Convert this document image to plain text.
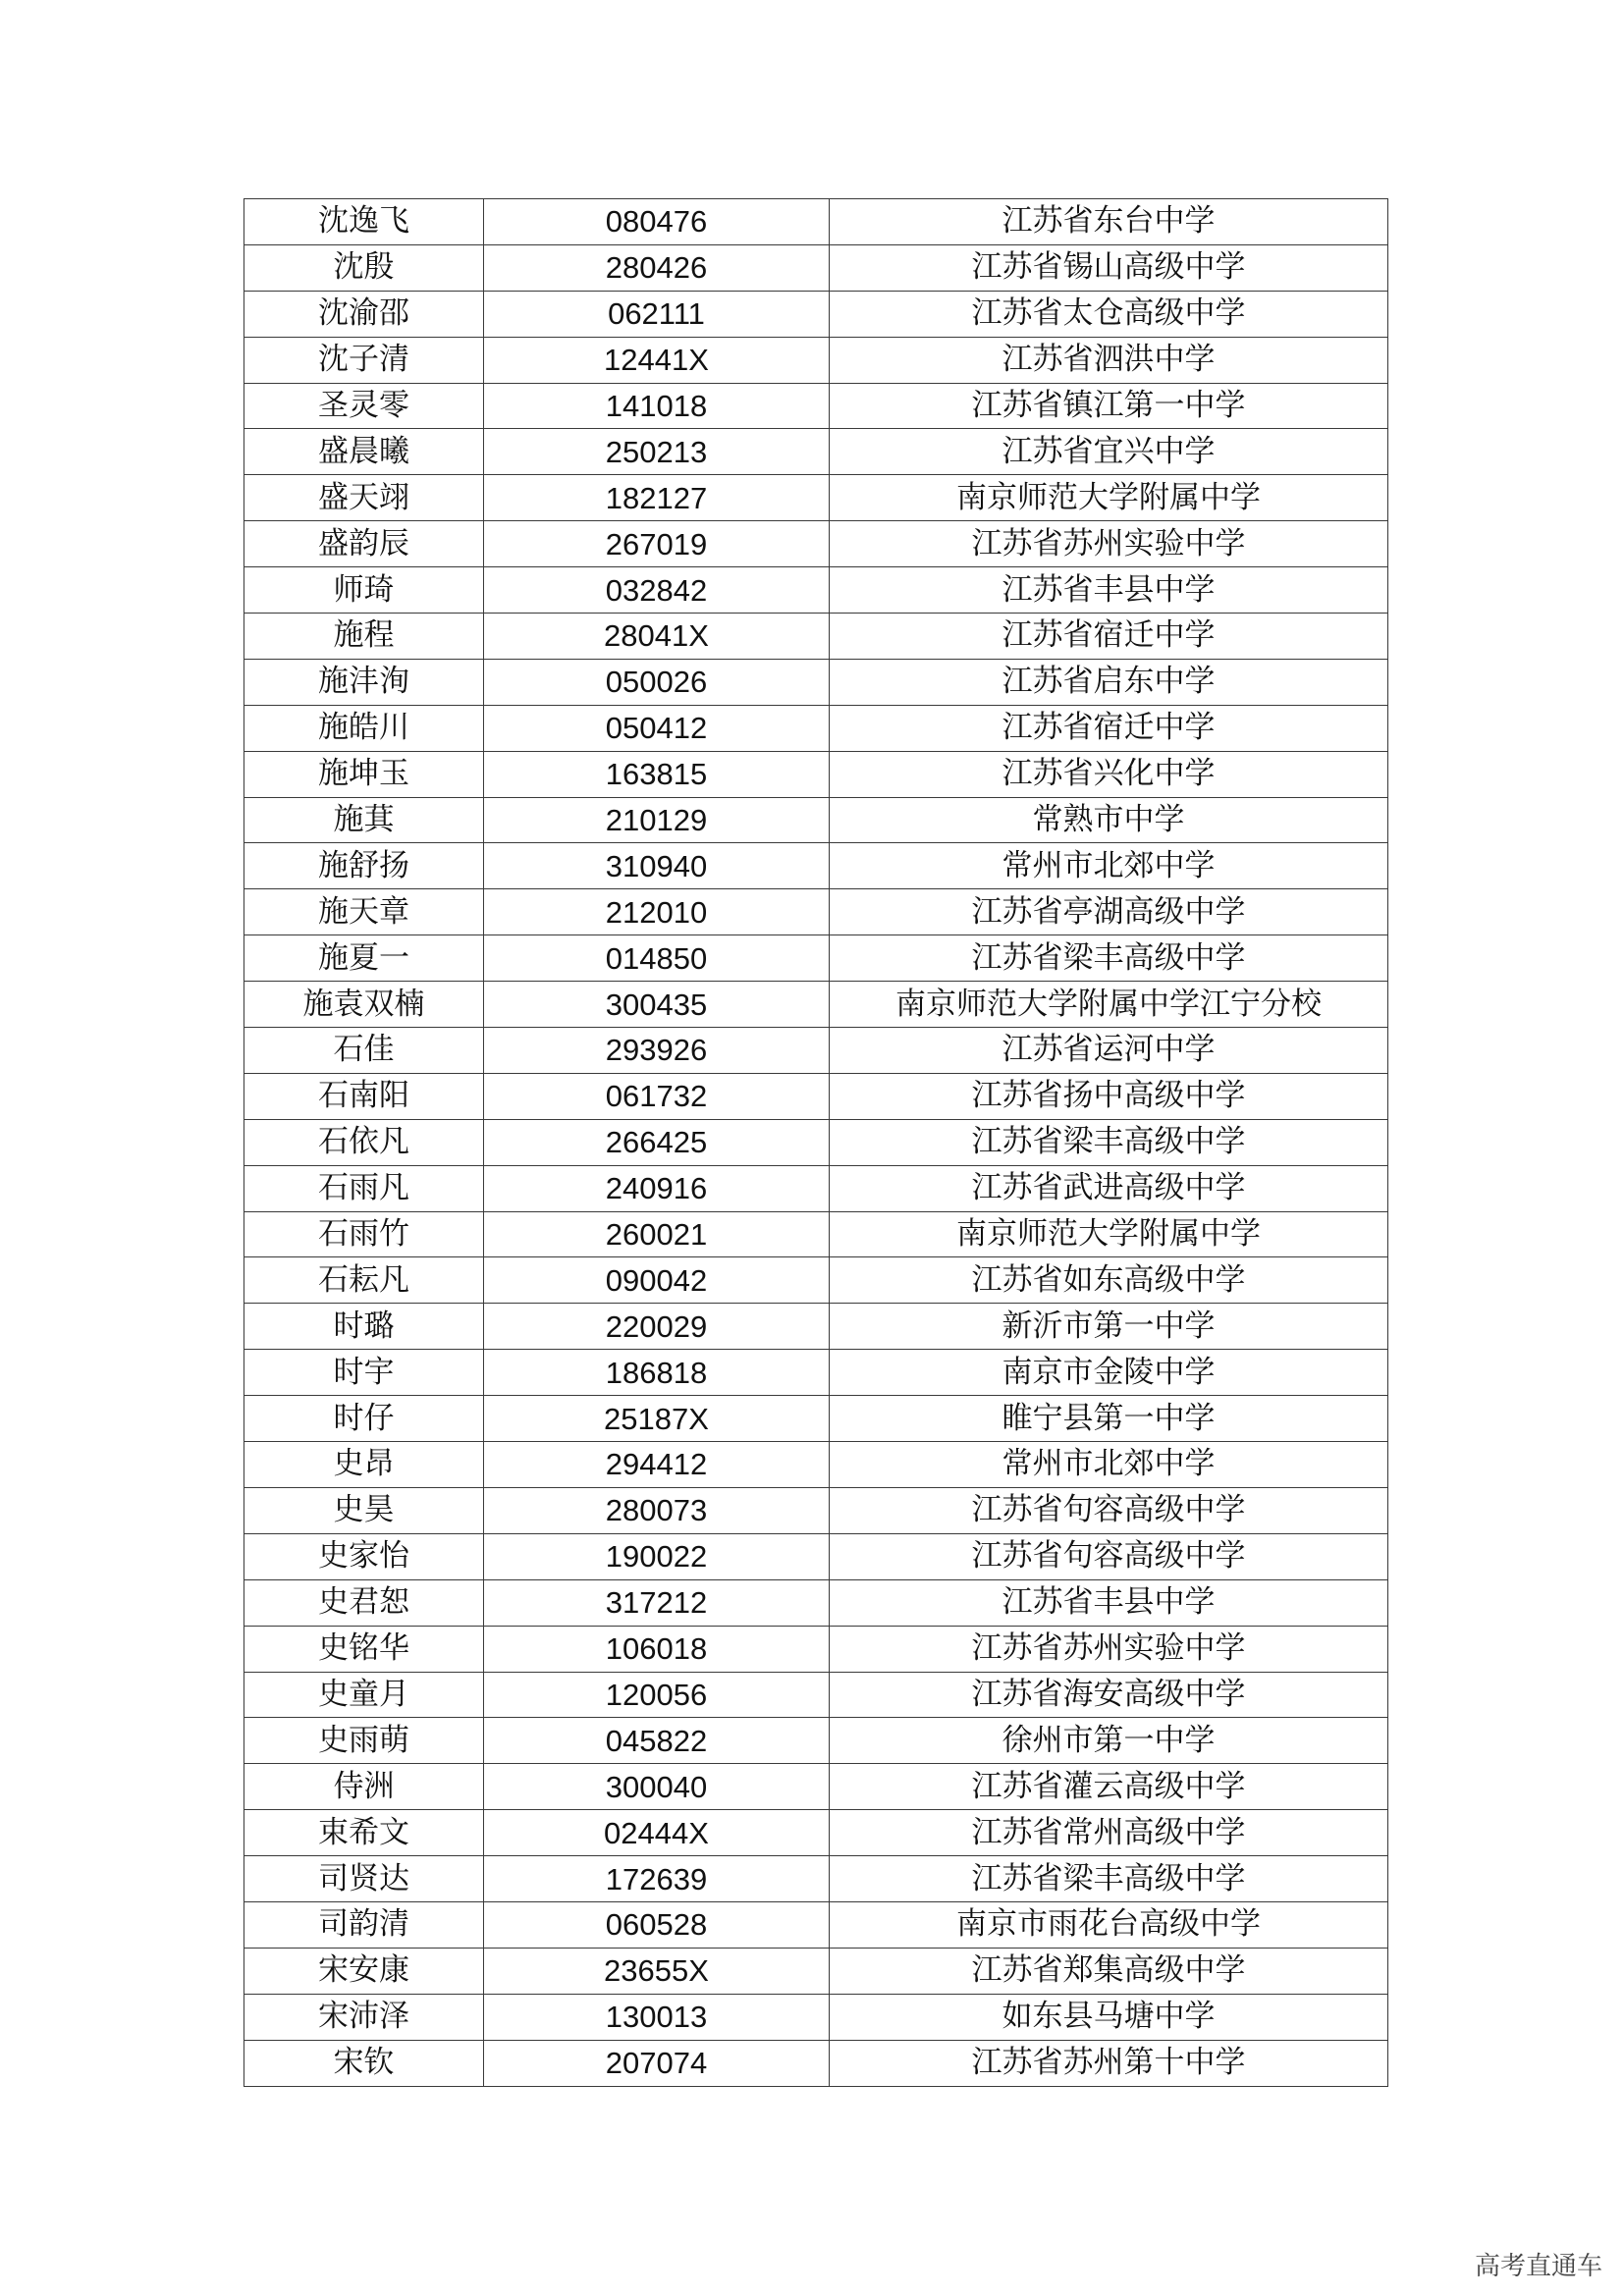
沈逸飞	080476	江苏省东台中学
沈殷	280426	江苏省锡山高级中学
沈渝邵	062111	江苏省太仓高级中学
沈子清	12441X	江苏省泗洪中学
圣灵零	141018	江苏省镇江第一中学
盛晨曦	250213	江苏省宜兴中学
盛天翊	182127	南京师范大学附属中学
盛韵辰	267019	江苏省苏州实验中学
师琦	032842	江苏省丰县中学
施程	28041X	江苏省宿迁中学
施沣洵	050026	江苏省启东中学
施皓川	050412	江苏省宿迁中学
施坤玉	163815	江苏省兴化中学
施萁	210129	常熟市中学
施舒扬	310940	常州市北郊中学
施天章	212010	江苏省亭湖高级中学
施夏一	014850	江苏省梁丰高级中学
施袁双楠	300435	南京师范大学附属中学江宁分校
石佳	293926	江苏省运河中学
石南阳	061732	江苏省扬中高级中学
石依凡	266425	江苏省梁丰高级中学
石雨凡	240916	江苏省武进高级中学
石雨竹	260021	南京师范大学附属中学
石耘凡	090042	江苏省如东高级中学
时璐	220029	新沂市第一中学
时宇	186818	南京市金陵中学
时仔	25187X	睢宁县第一中学
史昂	294412	常州市北郊中学
史昊	280073	江苏省句容高级中学
史家怡	190022	江苏省句容高级中学
史君恕	317212	江苏省丰县中学
史铭华	106018	江苏省苏州实验中学
史童月	120056	江苏省海安高级中学
史雨萌	045822	徐州市第一中学
侍洲	300040	江苏省灌云高级中学
束希文	02444X	江苏省常州高级中学
司贤达	172639	江苏省梁丰高级中学
司韵清	060528	南京市雨花台高级中学
宋安康	23655X	江苏省郑集高级中学
宋沛泽	130013	如东县马塘中学
宋钦	207074	江苏省苏州第十中学
高考直通车
